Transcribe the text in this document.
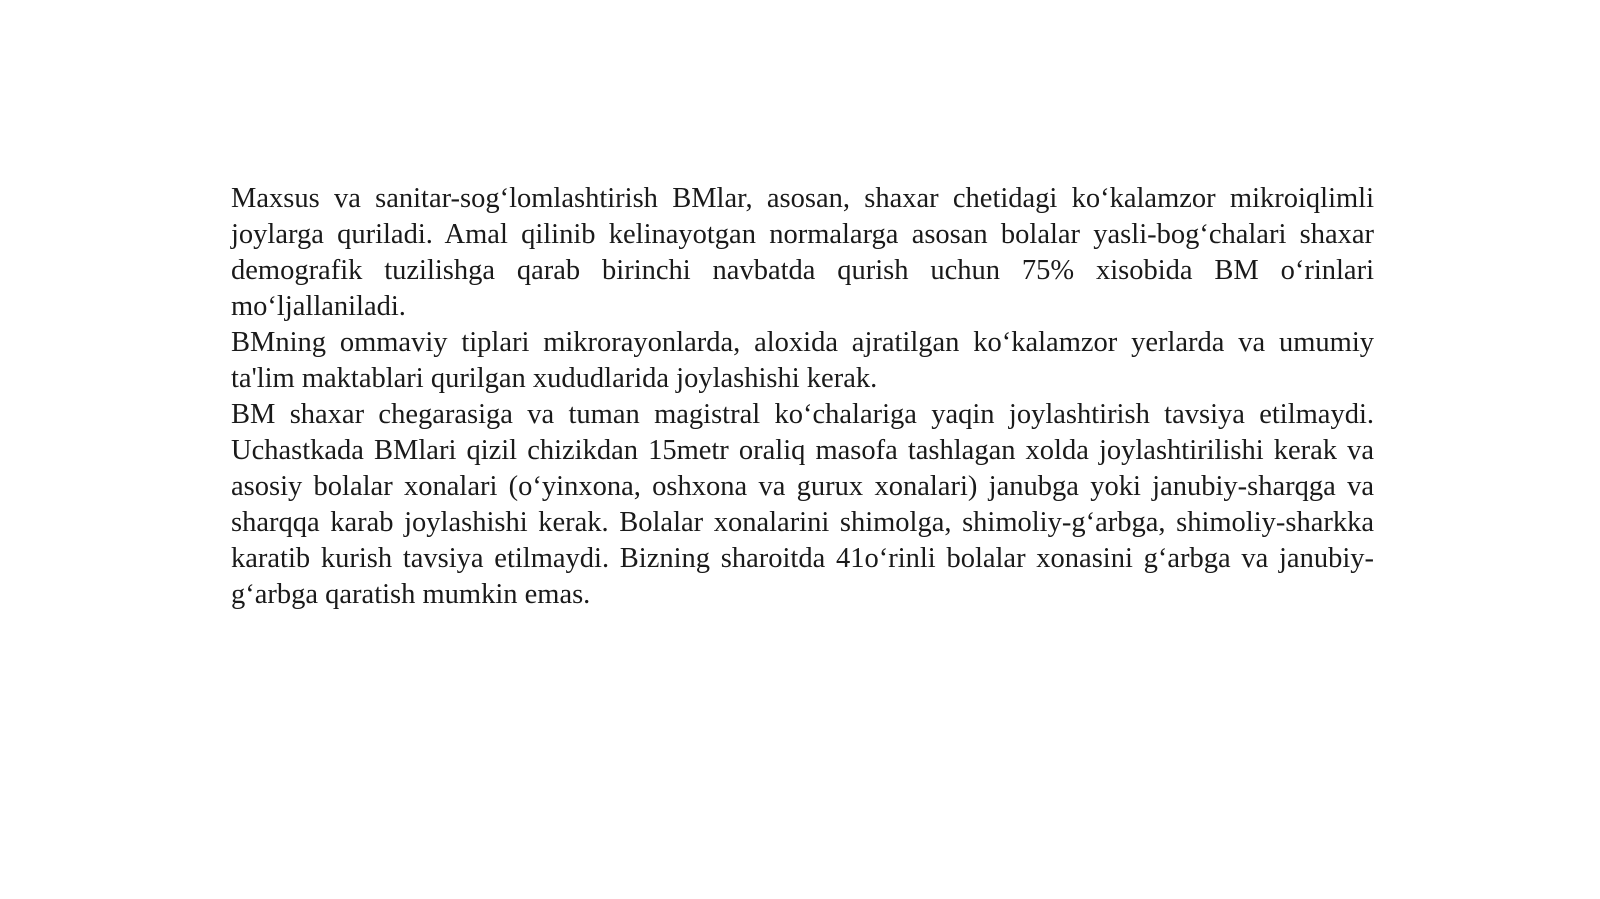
Maxsus va sanitar-sog‘lomlashtirish BMlar, asosan, shaxar chetidagi ko‘kalamzor mikroiqlimli joylarga quriladi. Amal qilinib kelinayotgan normalarga asosan bolalar yasli-bog‘chalari shaxar demografik tuzilishga qarab birinchi navbatda qurish uchun 75% xisobida BM o‘rinlari mo‘ljallaniladi.

BMning ommaviy tiplari mikrorayonlarda, aloxida ajratilgan ko‘kalamzor yerlarda va umumiy ta'lim maktablari qurilgan xududlarida joylashishi kerak.

BM shaxar chegarasiga va tuman magistral ko‘chalariga yaqin joylashtirish tavsiya etilmaydi. Uchastkada BMlari qizil chizikdan 15metr oraliq masofa tashlagan xolda joylashtirilishi kerak va asosiy bolalar xonalari (o‘yinxona, oshxona va gurux xonalari) janubga yoki janubiy-sharqga va sharqqa karab joylashishi kerak. Bolalar xonalarini shimolga, shimoliy-g‘arbga, shimoliy-sharkka karatib kurish tavsiya etilmaydi. Bizning sharoitda 41o‘rinli bolalar xonasini g‘arbga va janubiy-g‘arbga qaratish mumkin emas.
